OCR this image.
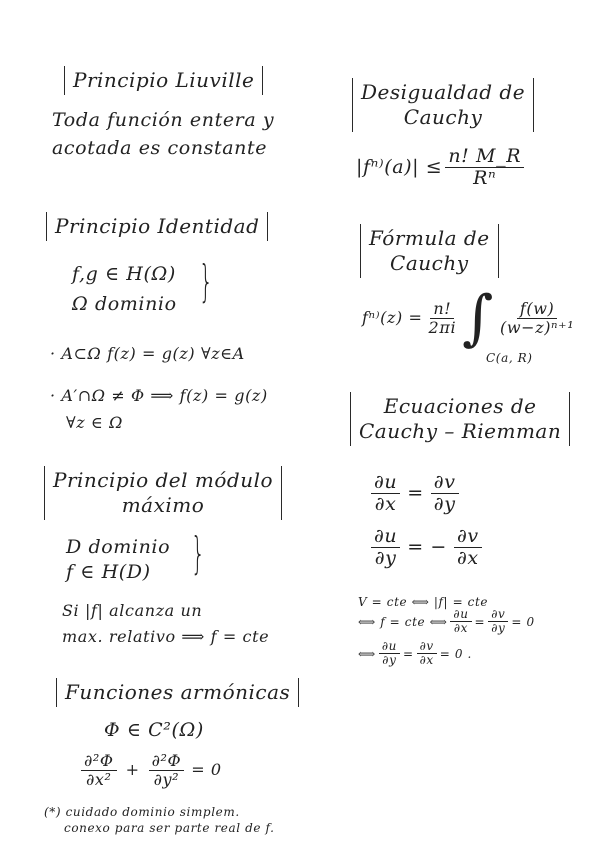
Principio Liuville
Toda función entera y
acotada es constante
Principio Identidad
f,g ∈ H(Ω)
Ω dominio }
· A⊂Ω f(z) = g(z) ∀z∈A
· A′∩Ω ≠ Φ ⟹ f(z) = g(z)
∀z ∈ Ω
Principio del módulo
máximo
D dominio
f ∈ H(D) }
Si |f| alcanza un
max. relativo ⟹ f = cte
Funciones armónicas
Φ ∈ C²(Ω)
$\frac{\text{∂²Φ}}{\text{∂x²}} + \frac{\text{∂²Φ}}{\text{∂y²}} = 0$
(*) cuidado dominio simplem.
conexo para ser parte real de f.
Desigualdad de
Cauchy
$|f^{n)}(a)| \le \frac{n! M\_R}{\text{Rⁿ}}$
Fórmula de
Cauchy
$f^{n)}(z) = \frac{n!}{2\pi i}$ ∫ $\frac{f(w)}{\text{(w−z)ⁿ⁺¹}}$
C(a, R)
Ecuaciones de
Cauchy – Riemman
$\frac{\partial u}{\partial x} = \frac{\partial v}{\partial y}$
$\frac{\partial u}{\partial y}$ = − $\frac{\partial v}{\partial x}$
V = cte ⟺ |f| = cte
⟺ f = cte ⟺ $\frac{\partial u}{\partial x} = \frac{\partial v}{\partial y} = 0$
⟺ $\frac{\partial u}{\partial y} = \frac{\partial v}{\partial x} = 0$ .
